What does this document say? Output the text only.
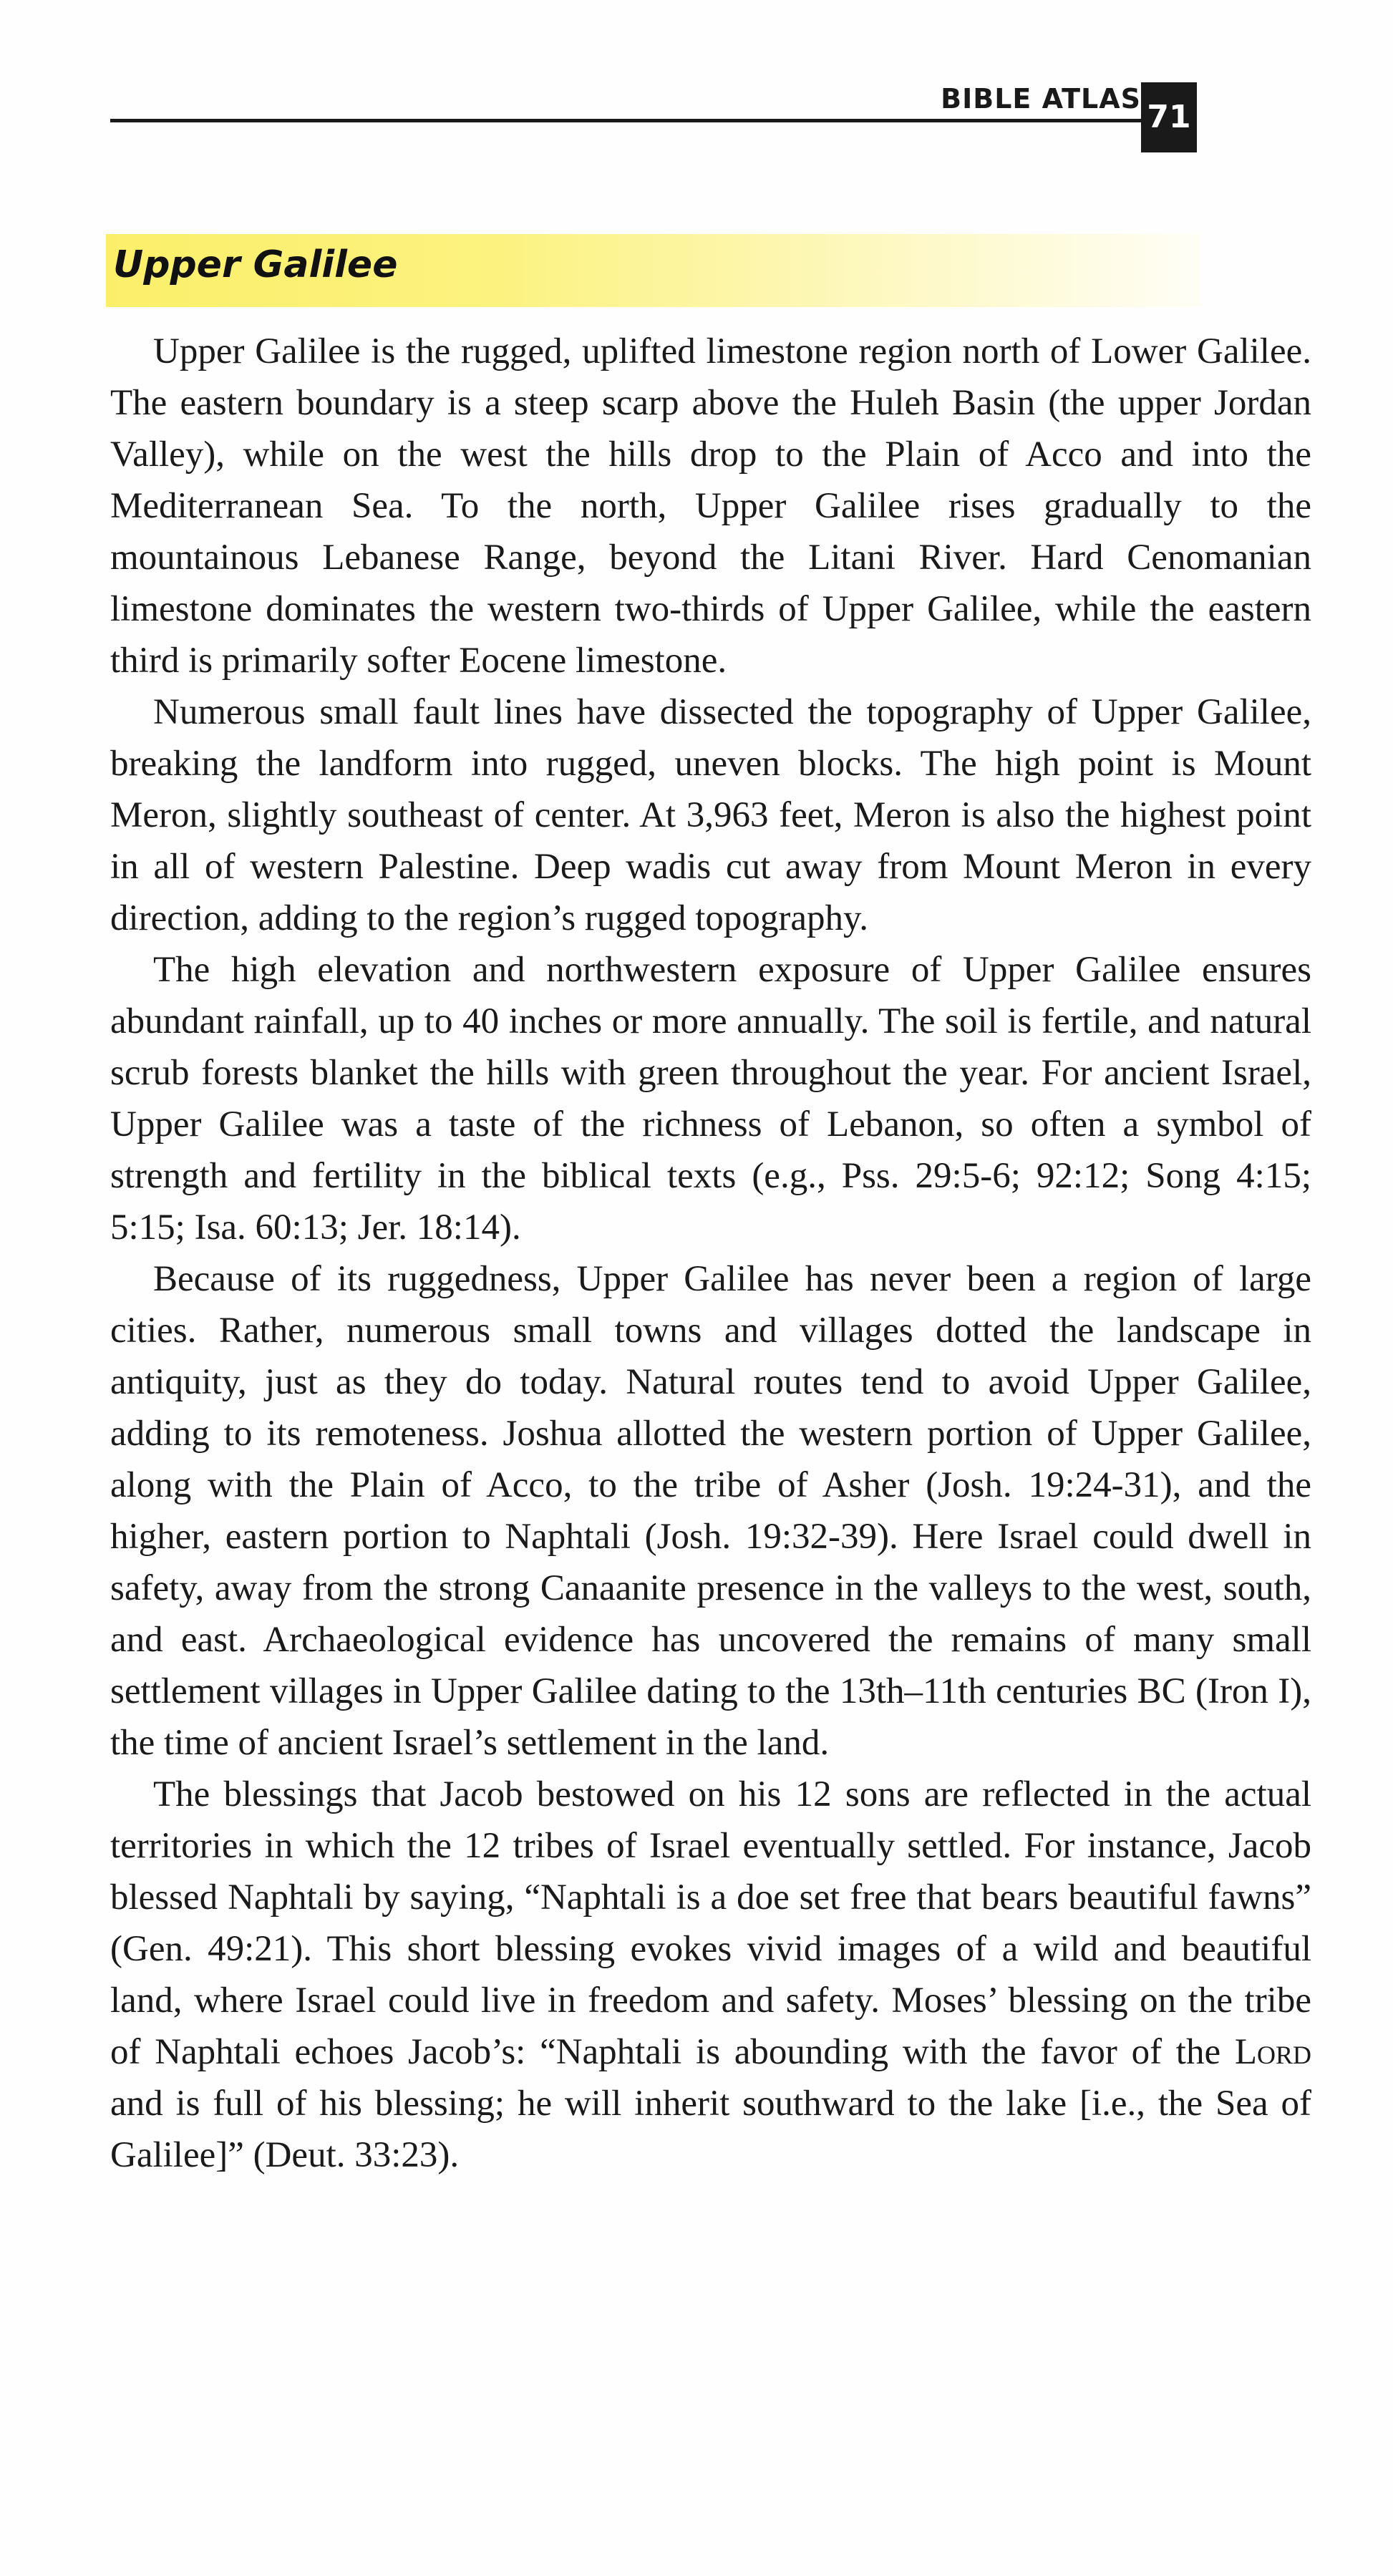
BIBLE ATLAS 71
Upper Galilee

Upper Galilee is the rugged, uplifted limestone region north of Lower Galilee. The eastern boundary is a steep scarp above the Huleh Basin (the upper Jordan Valley), while on the west the hills drop to the Plain of Acco and into the Mediterranean Sea. To the north, Upper Galilee rises gradually to the mountainous Lebanese Range, beyond the Litani River. Hard Cenomanian limestone dominates the western two-thirds of Upper Galilee, while the eastern third is primarily softer Eocene limestone.

Numerous small fault lines have dissected the topography of Upper Galilee, breaking the landform into rugged, uneven blocks. The high point is Mount Meron, slightly southeast of center. At 3,963 feet, Meron is also the highest point in all of western Palestine. Deep wadis cut away from Mount Meron in every direction, adding to the region’s rugged topography.

The high elevation and northwestern exposure of Upper Galilee ensures abundant rainfall, up to 40 inches or more annually. The soil is fertile, and natural scrub forests blanket the hills with green throughout the year. For ancient Israel, Upper Galilee was a taste of the richness of Lebanon, so often a symbol of strength and fertility in the biblical texts (e.g., Pss. 29:5-6; 92:12; Song 4:15; 5:15; Isa. 60:13; Jer. 18:14).

Because of its ruggedness, Upper Galilee has never been a region of large cities. Rather, numerous small towns and villages dotted the landscape in antiquity, just as they do today. Natural routes tend to avoid Upper Galilee, adding to its remoteness. Joshua allotted the western portion of Upper Galilee, along with the Plain of Acco, to the tribe of Asher (Josh. 19:24-31), and the higher, eastern portion to Naphtali (Josh. 19:32-39). Here Israel could dwell in safety, away from the strong Canaanite presence in the valleys to the west, south, and east. Archaeological evidence has uncovered the remains of many small settlement villages in Upper Galilee dating to the 13th–11th centuries BC (Iron I), the time of ancient Israel’s settlement in the land.

The blessings that Jacob bestowed on his 12 sons are reflected in the actual territories in which the 12 tribes of Israel eventually settled. For instance, Jacob blessed Naphtali by saying, “Naphtali is a doe set free that bears beautiful fawns” (Gen. 49:21). This short blessing evokes vivid images of a wild and beautiful land, where Israel could live in freedom and safety. Moses’ blessing on the tribe of Naphtali echoes Jacob’s: “Naphtali is abounding with the favor of the Lord and is full of his blessing; he will inherit southward to the lake [i.e., the Sea of Galilee]” (Deut. 33:23).
